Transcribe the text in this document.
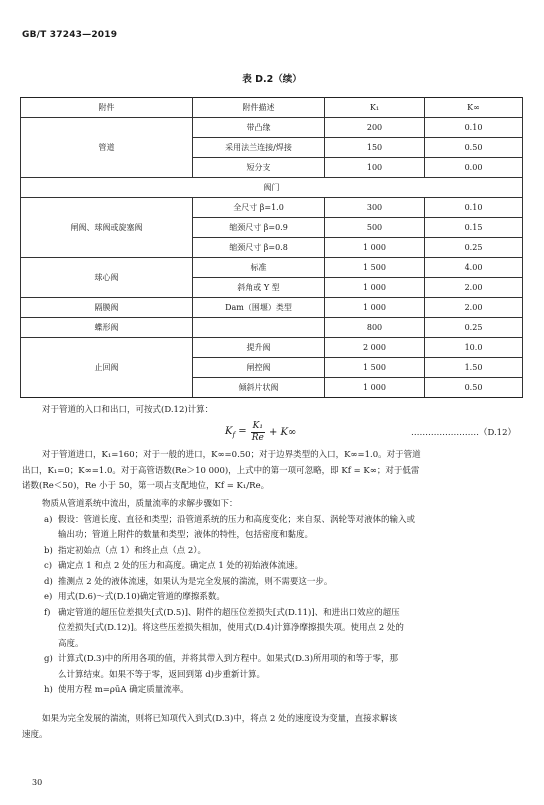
GB/T 37243—2019
表 D.2（续）
附件	附件描述	K₁	K∞
管道	带凸缘	200	0.10
	采用法兰连接/焊接	150	0.50
	短分支	100	0.00
阀门			
闸阀、球阀或旋塞阀	全尺寸 β=1.0	300	0.10
	缩颈尺寸 β=0.9	500	0.15
	缩颈尺寸 β=0.8	1 000	0.25
球心阀	标准	1 500	4.00
	斜角或 Y 型	1 000	2.00
隔膜阀	Dam（围堰）类型	1 000	2.00
蝶形阀		800	0.25
止回阀	提升阀	2 000	10.0
	闸控阀	1 500	1.50
	倾斜片状阀	1 000	0.50
对于管道的入口和出口，可按式(D.12)计算：
$K_f = \frac{\text{K₁}}{Re} + K\infty$	……………………（D.12）
对于管道进口，K₁=160；对于一般的进口，K∞=0.50；对于边界类型的入口，K∞=1.0。对于管道
出口，K₁=0；K∞=1.0。对于高管语数(Re＞10 000)，上式中的第一项可忽略，即 Kf = K∞；对于低雷
诺数(Re＜50)，Re 小于 50，第一项占支配地位，Kf = K₁/Re。
物质从管道系统中流出，质量流率的求解步骤如下：
a) 假设：管道长度、直径和类型；沿管道系统的压力和高度变化；来自泵、涡轮等对液体的输入或
输出功；管道上附件的数量和类型；液体的特性，包括密度和黏度。
b) 指定初始点（点 1）和终止点（点 2）。
c) 确定点 1 和点 2 处的压力和高度。确定点 1 处的初始液体流速。
d) 推测点 2 处的液体流速，如果认为是完全发展的湍流，则不需要这一步。
e) 用式(D.6)～式(D.10)确定管道的摩擦系数。
f) 确定管道的超压位差损失[式(D.5)]、附件的超压位差损失[式(D.11)]、和进出口效应的超压
位差损失[式(D.12)]。将这些压差损失相加，使用式(D.4)计算净摩擦损失项。使用点 2 处的
高度。
g) 计算式(D.3)中的所用各项的值，并将其带入到方程中。如果式(D.3)所用项的和等于零，那
么计算结束。如果不等于零，返回到第 d)步重新计算。
h) 使用方程 m=ρūA 确定质量流率。
如果为完全发展的湍流，则将已知项代入到式(D.3)中，将点 2 处的速度设为变量，直接求解该
速度。
30
